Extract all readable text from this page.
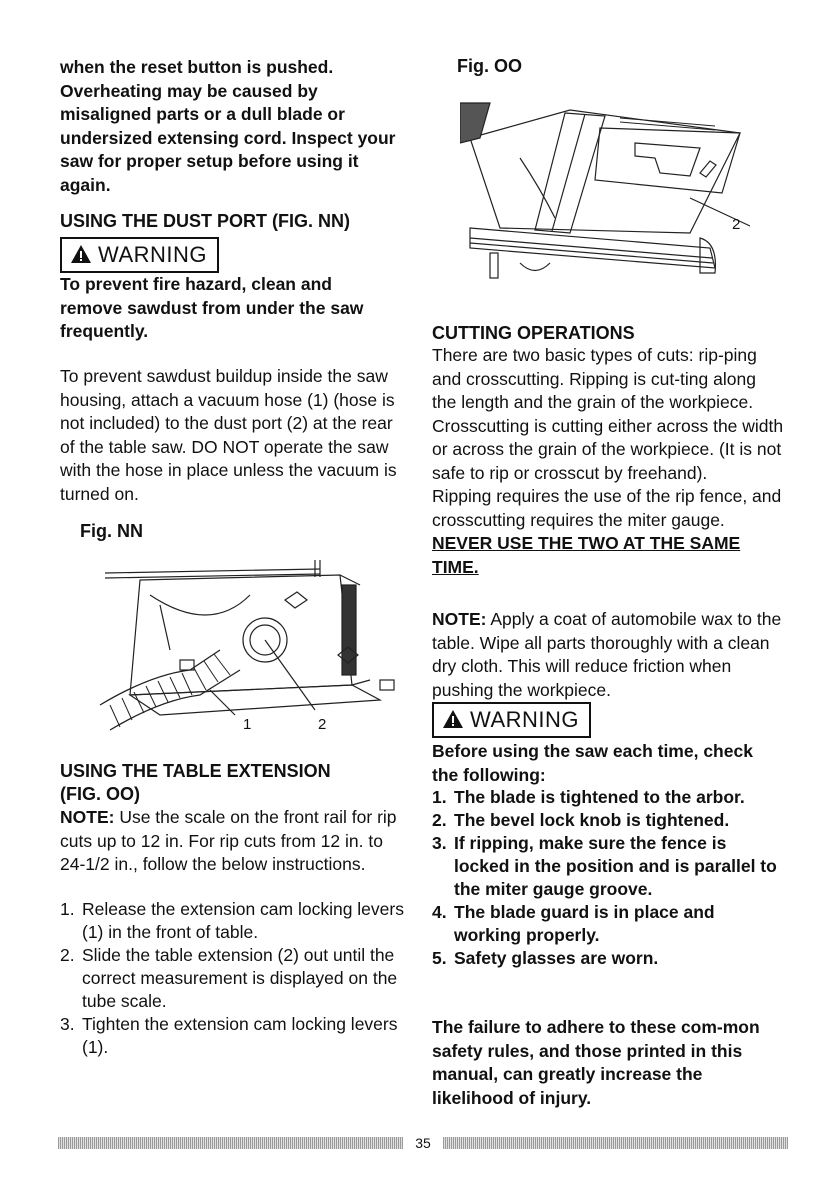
when the reset button is pushed. Overheating may be caused by misaligned parts or a dull blade or undersized extensing cord. Inspect your saw for proper setup before using it again.

USING THE DUST PORT (FIG. NN)

WARNING

To prevent fire hazard, clean and remove sawdust from under the saw frequently.

To prevent sawdust buildup inside the saw housing, attach a vacuum hose (1) (hose is not included) to the dust port (2) at the rear of the table saw. DO NOT operate the saw with the hose in place unless the vacuum is turned on.

Fig. NN
1	2

USING THE TABLE EXTENSION
(FIG. OO)

NOTE: Use the scale on the front rail for rip cuts up to 12 in. For rip cuts from 12 in. to 24-1/2 in., follow the below instructions.

1. Release the extension cam locking levers (1) in the front of table.
2. Slide the table extension (2) out until the correct measurement is displayed on the tube scale.
3. Tighten the extension cam locking levers (1).
Fig. OO
2

CUTTING OPERATIONS

There are two basic types of cuts: rip-ping and crosscutting. Ripping is cut-ting along the length and the grain of the workpiece. Crosscutting is cutting either across the width or across the grain of the workpiece. (It is not safe to rip or crosscut by freehand).
Ripping requires the use of the rip fence, and crosscutting requires the miter gauge. NEVER USE THE TWO AT THE SAME TIME.

NOTE: Apply a coat of automobile wax to the table. Wipe all parts thoroughly with a clean dry cloth. This will reduce friction when pushing the workpiece.

WARNING

Before using the saw each time, check the following:

1. The blade is tightened to the arbor.
2. The bevel lock knob is tightened.
3. If ripping, make sure the fence is locked in the position and is parallel to the miter gauge groove.
4. The blade guard is in place and working properly.
5. Safety glasses are worn.

The failure to adhere to these com-mon safety rules, and those printed in this manual, can greatly increase the likelihood of injury.

35
